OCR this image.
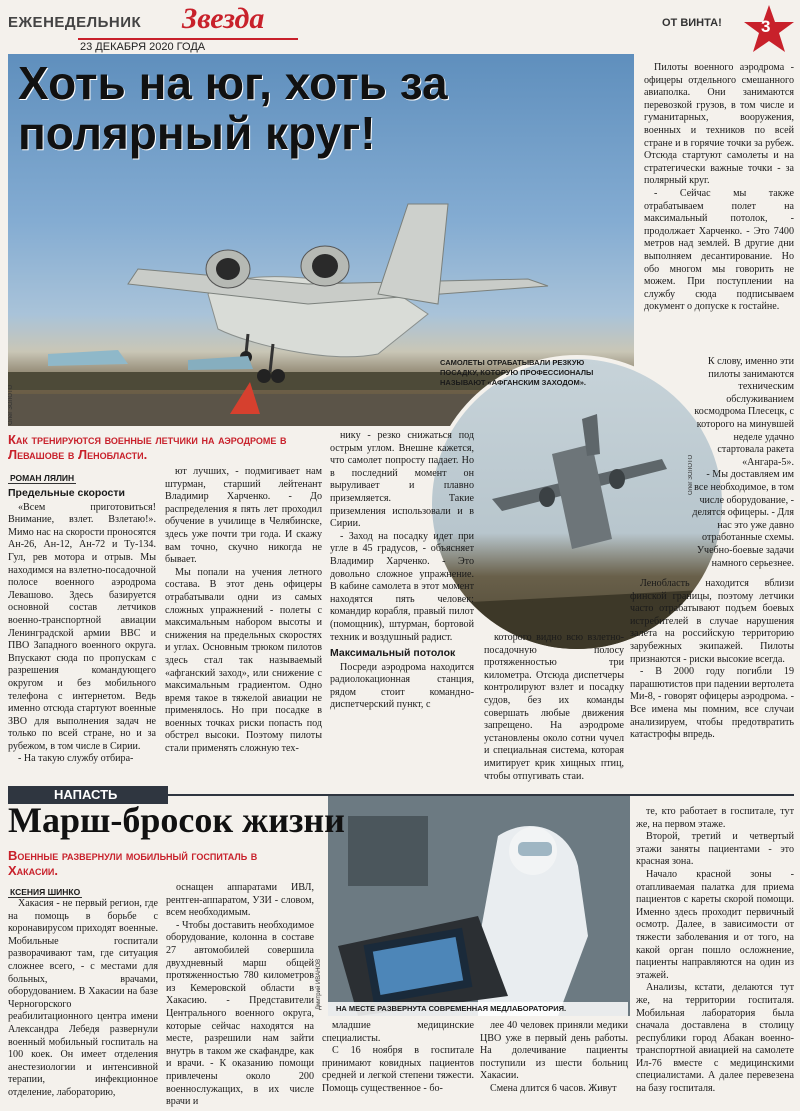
ЕЖЕНЕДЕЛЬНИК Звезда
23 ДЕКАБРЯ 2020 ГОДА
ОТ ВИНТА! 3
Олег ЗОЛОТО
Хоть на юг, хоть за полярный круг!
Олег ЗОЛОТО
САМОЛЕТЫ ОТРАБАТЫВАЛИ РЕЗКУЮ ПОСАДКУ, КОТОРУЮ ПРОФЕССИОНАЛЫ НАЗЫВАЮТ «АФГАНСКИМ ЗАХОДОМ».
Как тренируются военные летчики на аэродроме в Левашове в Ленобласти.
РОМАН ЛЯЛИН
Предельные скорости

«Всем приготовиться! Внимание, взлет. Взлетаю!». Мимо нас на скорости проносятся Ан-26, Ан-12, Ан-72 и Ту-134. Гул, рев мотора и отрыв. Мы находимся на взлетно-посадочной полосе военного аэродрома Левашово. Здесь базируется основной состав летчиков военно-транспортной авиации Ленинградской армии ВВС и ПВО Западного военного округа. Впускают сюда по пропускам с разрешения командующего округом и без мобильного телефона с интернетом. Ведь именно отсюда стартуют военные ЗВО для выполнения задач не только по всей стране, но и за рубежом, в том числе в Сирии.

- На такую службу отбира-

ют лучших, - подмигивает нам штурман, старший лейтенант Владимир Харченко. - До распределения я пять лет проходил обучение в училище в Челябинске, здесь уже почти три года. И скажу вам точно, скучно никогда не бывает.

Мы попали на учения летного состава. В этот день офицеры отрабатывали одни из самых сложных упражнений - полеты с максимальным набором высоты и снижения на предельных скоростях и углах. Основным трюком пилотов здесь стал так называемый «афганский заход», или снижение с максимальным градиентом. Одно время такое в тяжелой авиации не применялось. Но при посадке в военных точках риски попасть под обстрел высоки. Поэтому пилоты стали применять сложную тех-

нику - резко снижаться под острым углом. Внешне кажется, что самолет попросту падает. Но в последний момент он выруливает и плавно приземляется. Такие приземления использовали и в Сирии.

- Заход на посадку идет при угле в 45 градусов, - объясняет Владимир Харченко. - Это довольно сложное упражнение. В кабине самолета в этот момент находятся пять человек: командир корабля, правый пилот (помощник), штурман, бортовой техник и воздушный радист.

Максимальный потолок

Посреди аэродрома находится радиолокационная станция, рядом стоит командно-диспетчерский пункт, с

которого видно всю взлетно-посадочную полосу протяженностью три километра. Отсюда диспетчеры контролируют взлет и посадку судов, без их команды совершать любые движения запрещено. На аэродроме установлены около сотни чучел и специальная система, которая имитирует крик хищных птиц, чтобы отпугивать стаи.

Пилоты военного аэродрома - офицеры отдельного смешанного авиаполка. Они занимаются перевозкой грузов, в том числе и гуманитарных, вооружения, военных и техников по всей стране и в горячие точки за рубеж. Отсюда стартуют самолеты и на стратегически важные точки - за полярный круг.

- Сейчас мы также отрабатываем полет на максимальный потолок, - продолжает Харченко. - Это 7400 метров над землей. В другие дни выполняем десантирование. Но обо многом мы говорить не можем. При поступлении на службу сюда подписываем документ о допуске к гостайне.

К слову, именно эти пилоты занимаются техническим обслуживанием космодрома Плесецк, с которого на минувшей неделе удачно стартовала ракета «Ангара-5».

- Мы доставляем им все необходимое, в том числе оборудование, - делятся офицеры. - Для нас это уже давно отработанные схемы. Учебно-боевые задачи намного серьезнее.

Ленобласть находится вблизи финской границы, поэтому летчики часто отрабатывают подъем боевых истребителей в случае нарушения залета на российскую территорию зарубежных экипажей. Пилоты признаются - риски высокие всегда.

- В 2000 году погибли 19 парашютистов при падении вертолета Ми-8, - говорят офицеры аэродрома. - Все имена мы помним, все случаи анализируем, чтобы предотвратить катастрофы впредь.

НАПАСТЬ
Дмитрий ИВАНОВ	НА МЕСТЕ РАЗВЕРНУТА СОВРЕМЕННАЯ МЕДЛАБОРАТОРИЯ.
Марш-бросок жизни
Военные развернули мобильный госпиталь в Хакасии.
КСЕНИЯ ШИНКО

Хакасия - не первый регион, где на помощь в борьбе с коронавирусом приходят военные. Мобильные госпитали разворачивают там, где ситуация сложнее всего, - с местами для больных, врачами, оборудованием. В Хакасии на базе Черногорского реабилитационного центра имени Александра Лебедя развернули военный мобильный госпиталь на 100 коек. Он имеет отделения анестезиологии и интенсивной терапии, инфекционное отделение, лабораторию,

оснащен аппаратами ИВЛ, рентген-аппаратом, УЗИ - словом, всем необходимым.

- Чтобы доставить необходимое оборудование, колонна в составе 27 автомобилей совершила двухдневный марш общей протяженностью 780 километров из Кемеровской области в Хакасию. - Представители Центрального военного округа, которые сейчас находятся на месте, разрешили нам зайти внутрь в таком же скафандре, как и врачи. - К оказанию помощи привлечены около 200 военнослужащих, в их числе врачи и

младшие медицинские специалисты.

С 16 ноября в госпитале принимают ковидных пациентов средней и легкой степени тяжести. Помощь существенное - бо-

лее 40 человек приняли медики ЦВО уже в первый день работы. На долечивание пациенты поступили из шести больниц Хакасии.

Смена длится 6 часов. Живут

те, кто работает в госпитале, тут же, на первом этаже.

Второй, третий и четвертый этажи заняты пациентами - это красная зона.

Начало красной зоны - отапливаемая палатка для приема пациентов с кареты скорой помощи. Именно здесь проходит первичный осмотр. Далее, в зависимости от тяжести заболевания и от того, на какой орган пошло осложнение, пациенты направляются на один из этажей.

Анализы, кстати, делаются тут же, на территории госпиталя. Мобильная лаборатория была сначала доставлена в столицу республики город Абакан военно-транспортной авиацией на самолете Ил-76 вместе с медицинскими специалистами. А далее перевезена на базу госпиталя.
